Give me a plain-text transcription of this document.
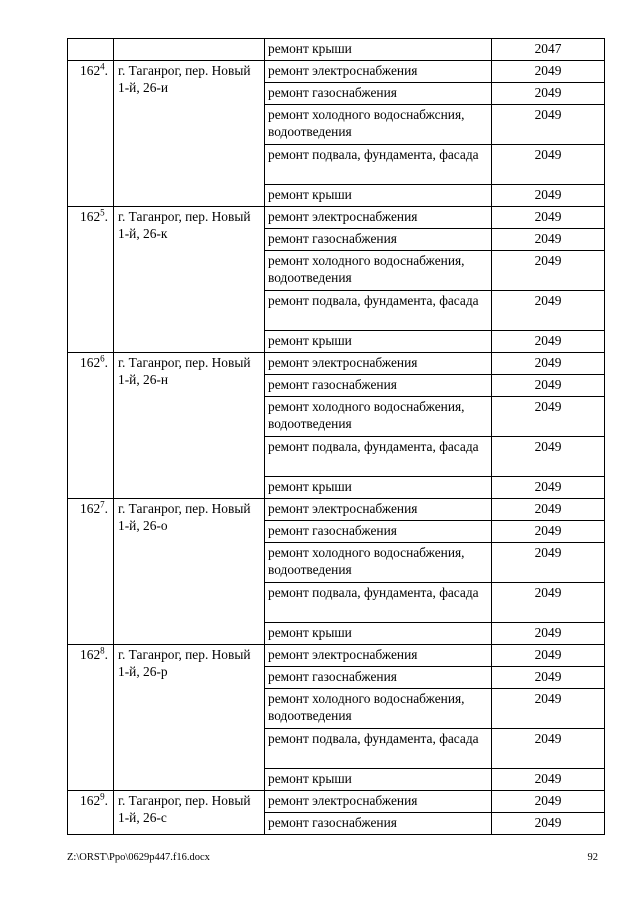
		ремонт крыши	2047
$162^4$.	г. Таганрог, пер. Новый 1-й, 26-и	ремонт электроснабжения	2049
		ремонт газоснабжения	2049
		ремонт холодного водоснабжсния, водоотведения	2049
		ремонт подвала, фундамента, фасада	2049
		ремонт крыши	2049
$162^5$.	г. Таганрог, пер. Новый 1-й, 26-к	ремонт электроснабжения	2049
		ремонт газоснабжения	2049
		ремонт холодного водоснабжения, водоотведения	2049
		ремонт подвала, фундамента, фасада	2049
		ремонт крыши	2049
$162^6$.	г. Таганрог, пер. Новый 1-й, 26-н	ремонт электроснабжения	2049
		ремонт газоснабжения	2049
		ремонт холодного водоснабжения, водоотведения	2049
		ремонт подвала, фундамента, фасада	2049
		ремонт крыши	2049
$162^7$.	г. Таганрог, пер. Новый 1-й, 26-о	ремонт электроснабжения	2049
		ремонт газоснабжения	2049
		ремонт холодного водоснабжения, водоотведения	2049
		ремонт подвала, фундамента, фасада	2049
		ремонт крыши	2049
$162^8$.	г. Таганрог, пер. Новый 1-й, 26-р	ремонт электроснабжения	2049
		ремонт газоснабжения	2049
		ремонт холодного водоснабжения, водоотведения	2049
		ремонт подвала, фундамента, фасада	2049
		ремонт крыши	2049
$162^9$.	г. Таганрог, пер. Новый 1-й, 26-с	ремонт электроснабжения	2049
		ремонт газоснабжения	2049
Z:\ORST\Ppo\0629p447.f16.docx	92
